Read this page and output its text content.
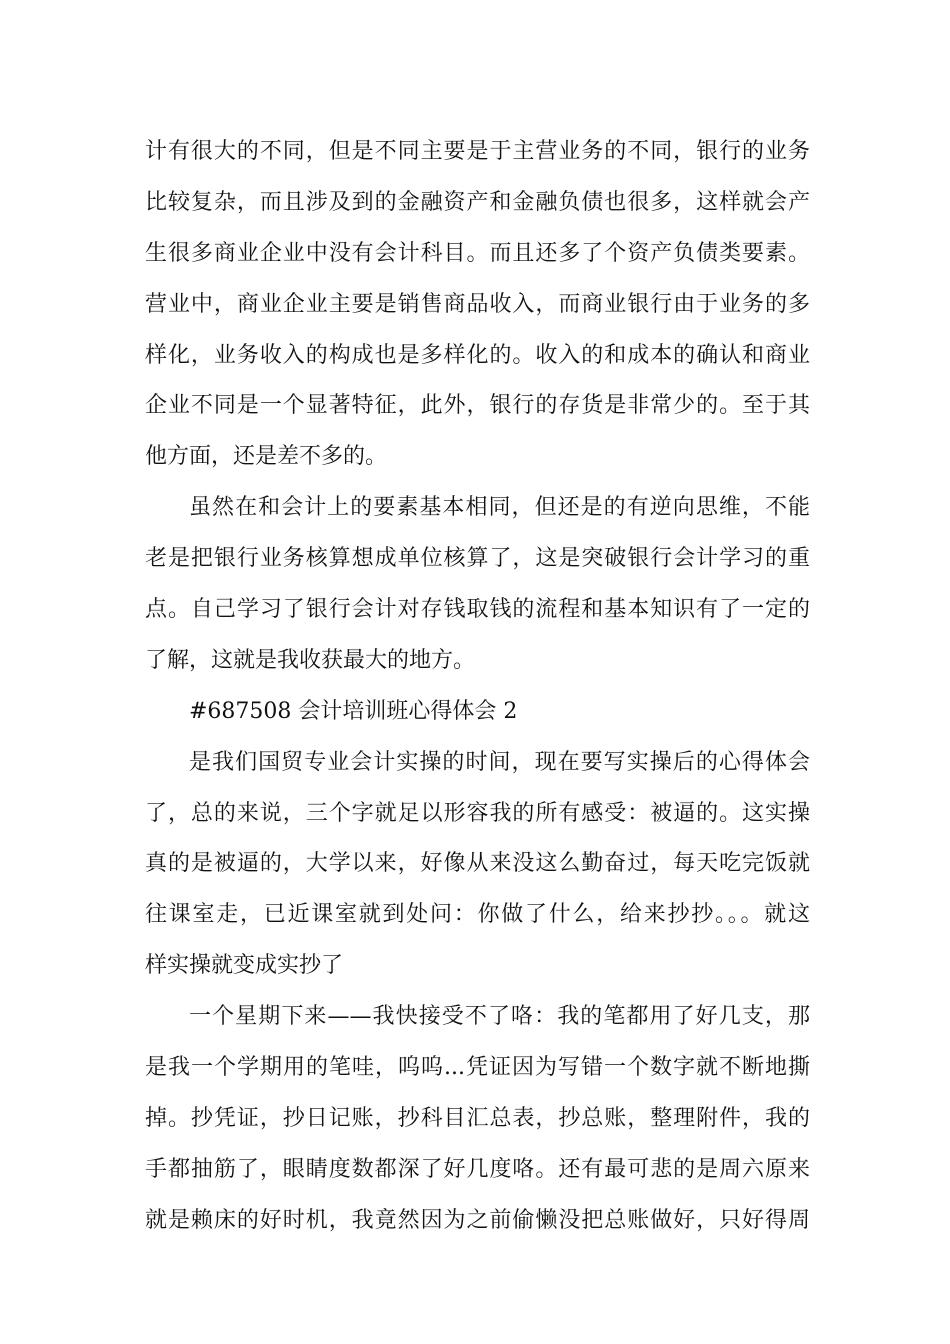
计有很大的不同，但是不同主要是于主营业务的不同，银行的业务
比较复杂，而且涉及到的金融资产和金融负债也很多，这样就会产
生很多商业企业中没有会计科目。而且还多了个资产负债类要素。
营业中，商业企业主要是销售商品收入，而商业银行由于业务的多
样化，业务收入的构成也是多样化的。收入的和成本的确认和商业
企业不同是一个显著特征，此外，银行的存货是非常少的。至于其
他方面，还是差不多的。
虽然在和会计上的要素基本相同，但还是的有逆向思维，不能
老是把银行业务核算想成单位核算了，这是突破银行会计学习的重
点。自己学习了银行会计对存钱取钱的流程和基本知识有了一定的
了解，这就是我收获最大的地方。
#687508 会计培训班心得体会 2
是我们国贸专业会计实操的时间，现在要写实操后的心得体会
了，总的来说，三个字就足以形容我的所有感受：被逼的。这实操
真的是被逼的，大学以来，好像从来没这么勤奋过，每天吃完饭就
往课室走，已近课室就到处问：你做了什么，给来抄抄。。。就这
样实操就变成实抄了
一个星期下来——我快接受不了咯：我的笔都用了好几支，那
是我一个学期用的笔哇，呜呜...凭证因为写错一个数字就不断地撕
掉。抄凭证，抄日记账，抄科目汇总表，抄总账，整理附件，我的
手都抽筋了，眼睛度数都深了好几度咯。还有最可悲的是周六原来
就是赖床的好时机，我竟然因为之前偷懒没把总账做好，只好得周
